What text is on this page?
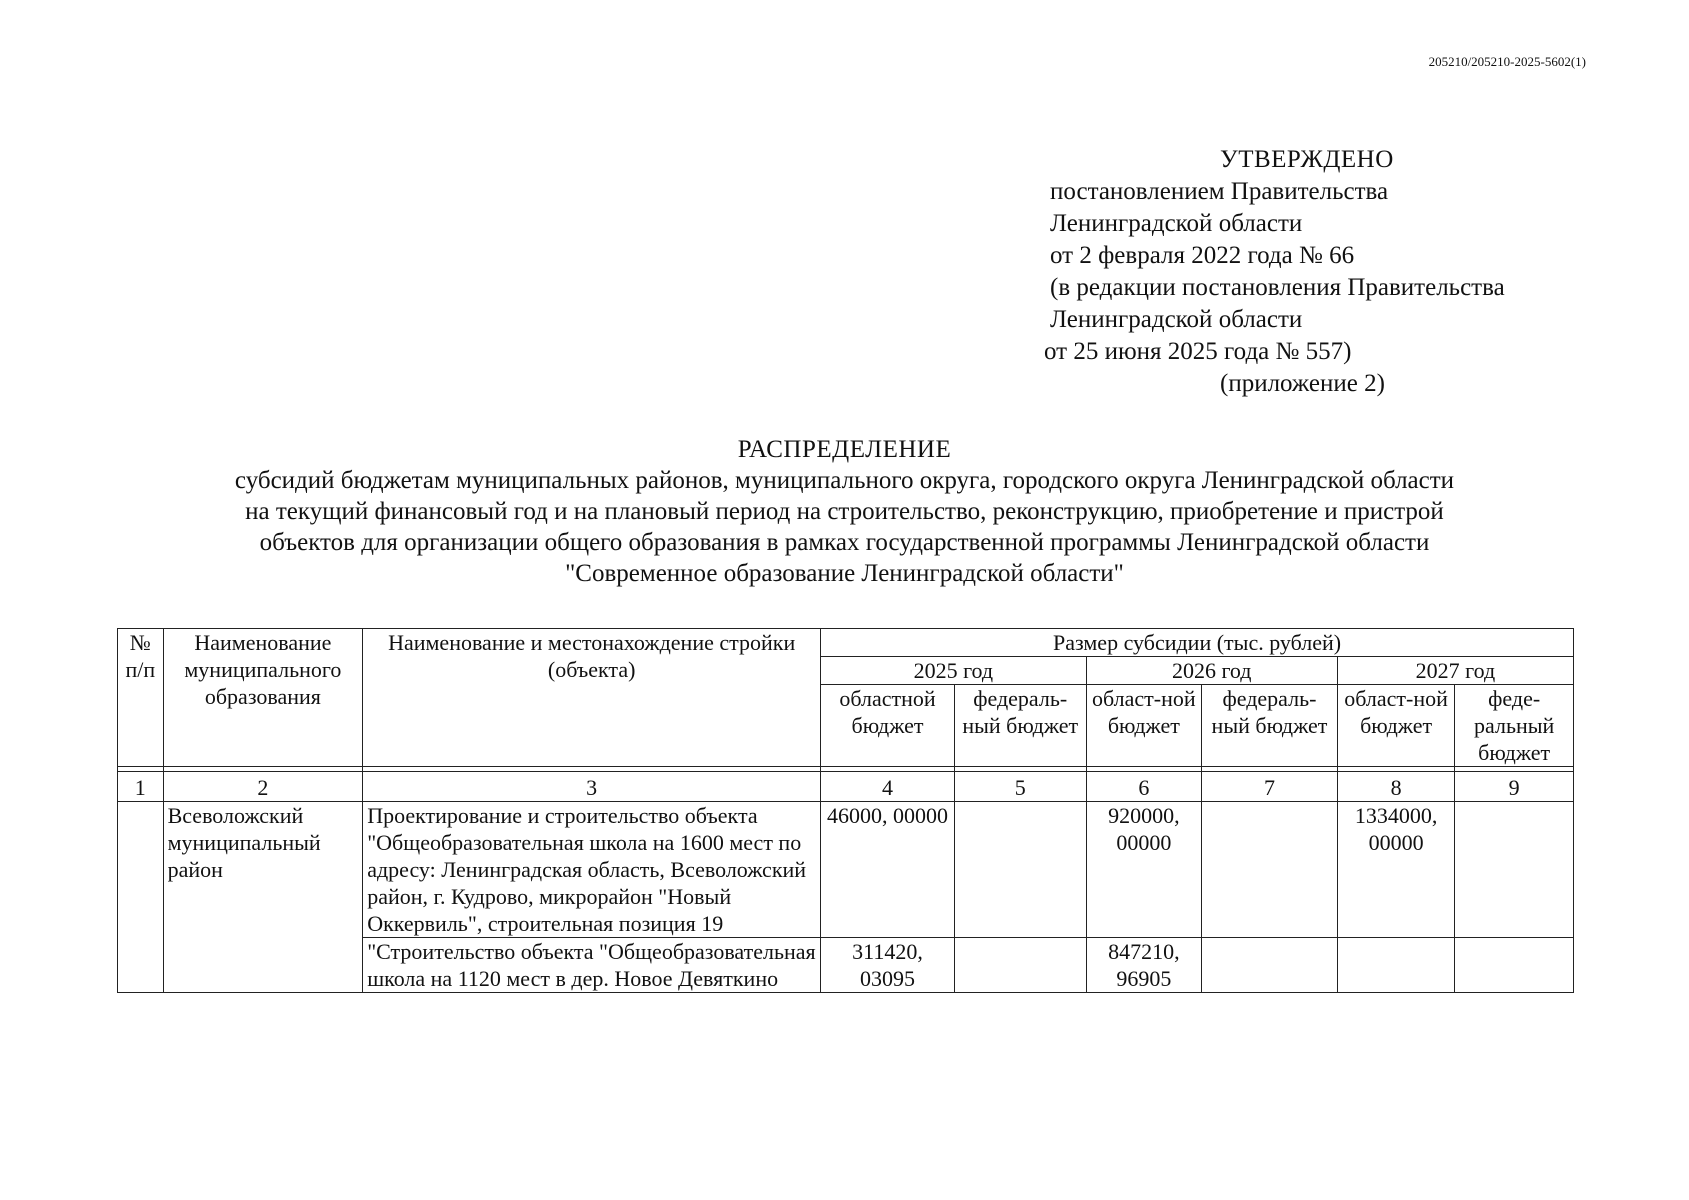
205210/205210-2025-5602(1)
УТВЕРЖДЕНО
постановлением Правительства
Ленинградской области
от 2 февраля 2022 года № 66
(в редакции постановления Правительства
Ленинградской области
от 25 июня 2025 года № 557)
(приложение 2)
РАСПРЕДЕЛЕНИЕ
субсидий бюджетам муниципальных районов, муниципального округа, городского округа Ленинградской области
на текущий финансовый год и на плановый период на строительство, реконструкцию, приобретение и пристрой
объектов для организации общего образования в рамках государственной программы Ленинградской области
"Современное образование Ленинградской области"
№ п/п	Наименование муниципального образования	Наименование и местонахождение стройки (объекта)	Размер субсидии (тыс. рублей)					
			2025 год		2026 год		2027 год	
			областной бюджет	федераль-ный бюджет	област-ной бюджет	федераль-ный бюджет	област-ной бюджет	феде-ральный бюджет

1	2	3	4	5	6	7	8	9
	Всеволожский муниципальный район	Проектирование и строительство объекта "Общеобразовательная школа на 1600 мест по адресу: Ленинградская область, Всеволожский район, г. Кудрово, микрорайон "Новый Оккервиль", строительная позиция 19	46000, 00000		920000, 00000		1334000, 00000	
		"Строительство объекта "Общеобразовательная школа на 1120 мест в дер. Новое Девяткино	311420, 03095		847210, 96905			
